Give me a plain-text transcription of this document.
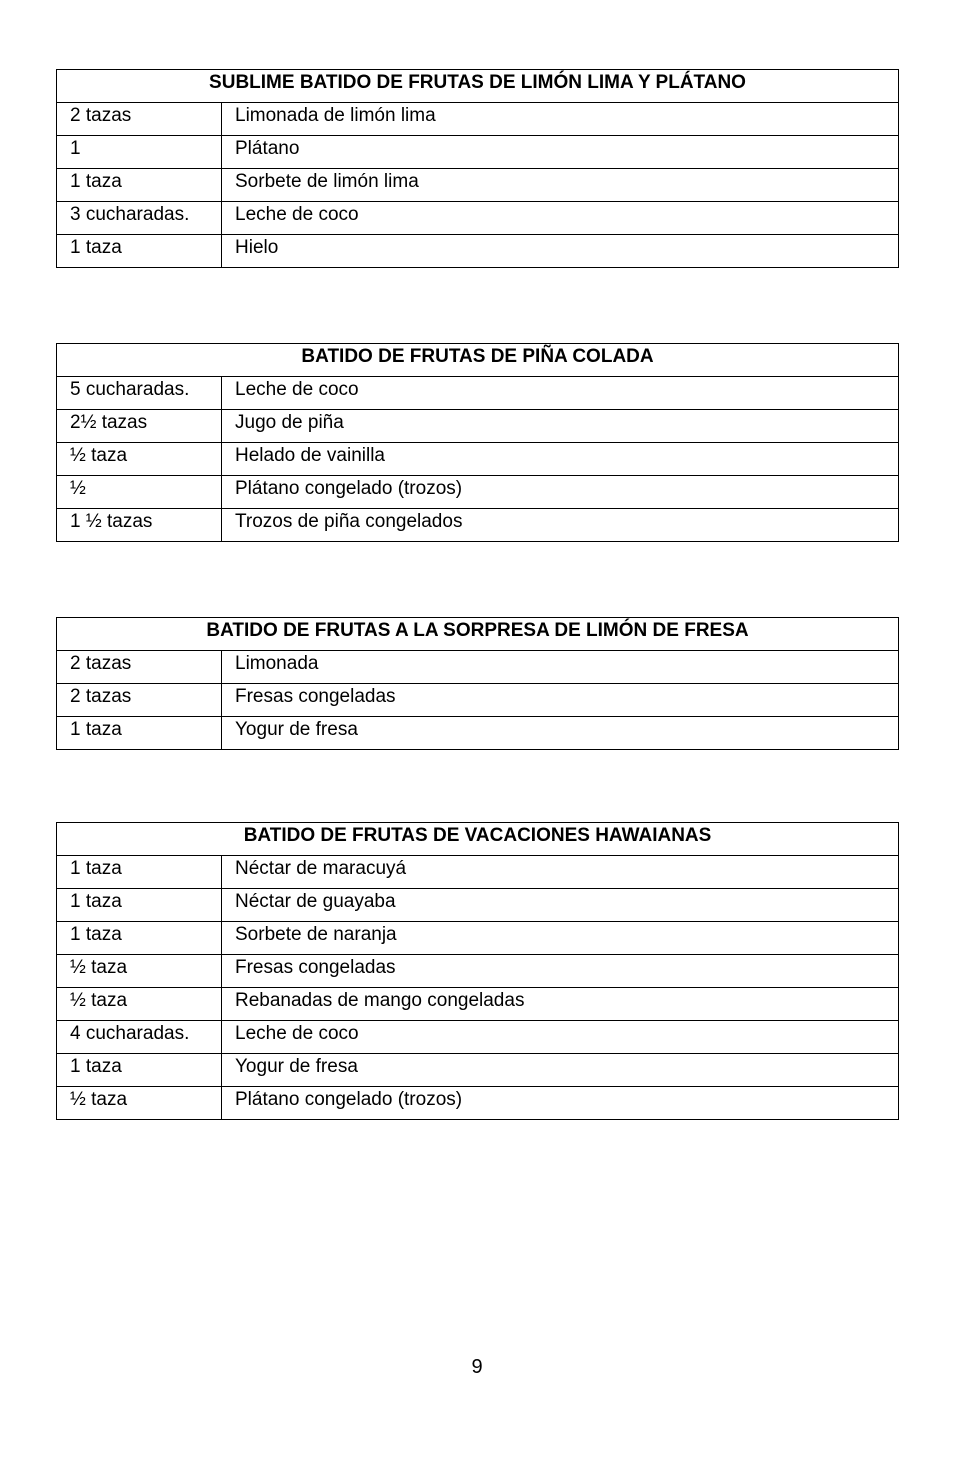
SUBLIME BATIDO DE FRUTAS DE LIMÓN LIMA Y PLÁTANO	
2 tazas	Limonada de limón lima
1	Plátano
1 taza	Sorbete de limón lima
3 cucharadas.	Leche de coco
1 taza	Hielo
BATIDO DE FRUTAS DE PIÑA COLADA	
5 cucharadas.	Leche de coco
2½ tazas	Jugo de piña
½ taza	Helado de vainilla
½	Plátano congelado (trozos)
1 ½ tazas	Trozos de piña congelados
BATIDO DE FRUTAS A LA SORPRESA DE LIMÓN DE FRESA	
2 tazas	Limonada
2 tazas	Fresas congeladas
1 taza	Yogur de fresa
BATIDO DE FRUTAS DE VACACIONES HAWAIANAS	
1 taza	Néctar de maracuyá
1 taza	Néctar de guayaba
1 taza	Sorbete de naranja
½ taza	Fresas congeladas
½ taza	Rebanadas de mango congeladas
4 cucharadas.	Leche de coco
1 taza	Yogur de fresa
½ taza	Plátano congelado (trozos)
9
